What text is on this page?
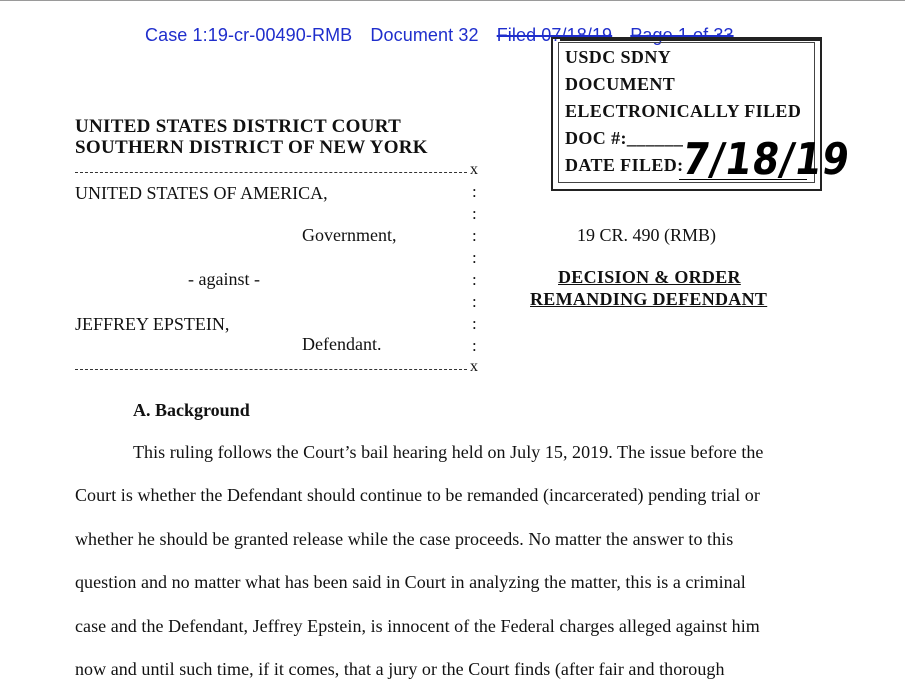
Case 1:19-cr-00490-RMB Document 32 Filed 07/18/19 Page 1 of 33
USDC SDNY
DOCUMENT
ELECTRONICALLY FILED
DOC #:______
DATE FILED:
7/18/19
UNITED STATES DISTRICT COURT
SOUTHERN DISTRICT OF NEW YORK
x
UNITED STATES OF AMERICA,
Government,
- against -
JEFFREY EPSTEIN,
Defendant.
:
:
:
:
:
:
:
:
x
19 CR. 490 (RMB)
DECISION & ORDER
REMANDING DEFENDANT
A. Background
This ruling follows the Court’s bail hearing held on July 15, 2019. The issue before the
Court is whether the Defendant should continue to be remanded (incarcerated) pending trial or
whether he should be granted release while the case proceeds. No matter the answer to this
question and no matter what has been said in Court in analyzing the matter, this is a criminal
case and the Defendant, Jeffrey Epstein, is innocent of the Federal charges alleged against him
now and until such time, if it comes, that a jury or the Court finds (after fair and thorough
